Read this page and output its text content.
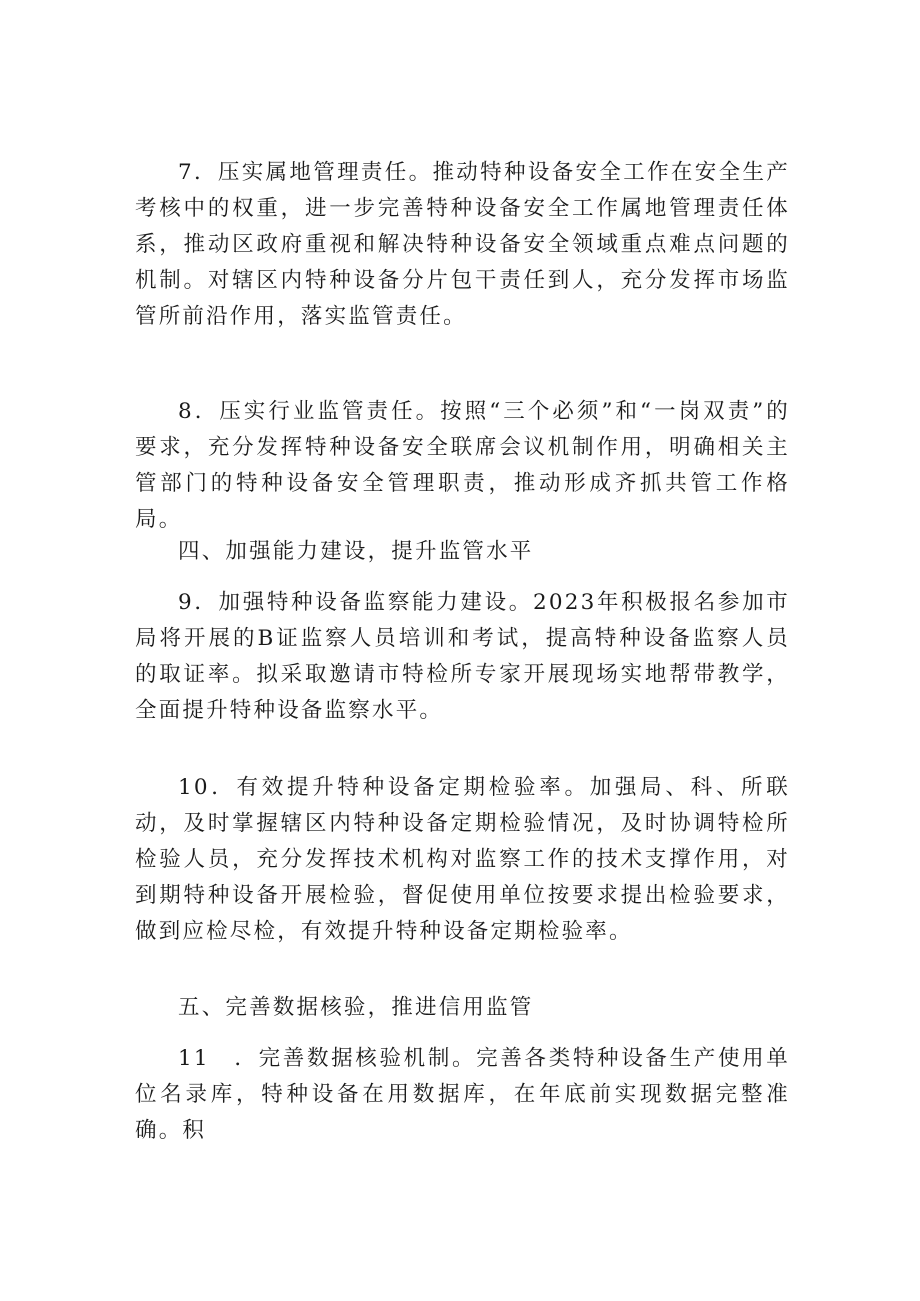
7．压实属地管理责任。推动特种设备安全工作在安全生产考核中的权重，进一步完善特种设备安全工作属地管理责任体系，推动区政府重视和解决特种设备安全领域重点难点问题的机制。对辖区内特种设备分片包干责任到人，充分发挥市场监管所前沿作用，落实监管责任。

8．压实行业监管责任。按照“三个必须”和“一岗双责”的要求，充分发挥特种设备安全联席会议机制作用，明确相关主管部门的特种设备安全管理职责，推动形成齐抓共管工作格局。

四、加强能力建设，提升监管水平

9．加强特种设备监察能力建设。2023年积极报名参加市局将开展的B证监察人员培训和考试，提高特种设备监察人员的取证率。拟采取邀请市特检所专家开展现场实地帮带教学，全面提升特种设备监察水平。

10．有效提升特种设备定期检验率。加强局、科、所联动，及时掌握辖区内特种设备定期检验情况，及时协调特检所检验人员，充分发挥技术机构对监察工作的技术支撑作用，对到期特种设备开展检验，督促使用单位按要求提出检验要求，做到应检尽检，有效提升特种设备定期检验率。

五、完善数据核验，推进信用监管

11　．完善数据核验机制。完善各类特种设备生产使用单位名录库，特种设备在用数据库，在年底前实现数据完整准确。积
